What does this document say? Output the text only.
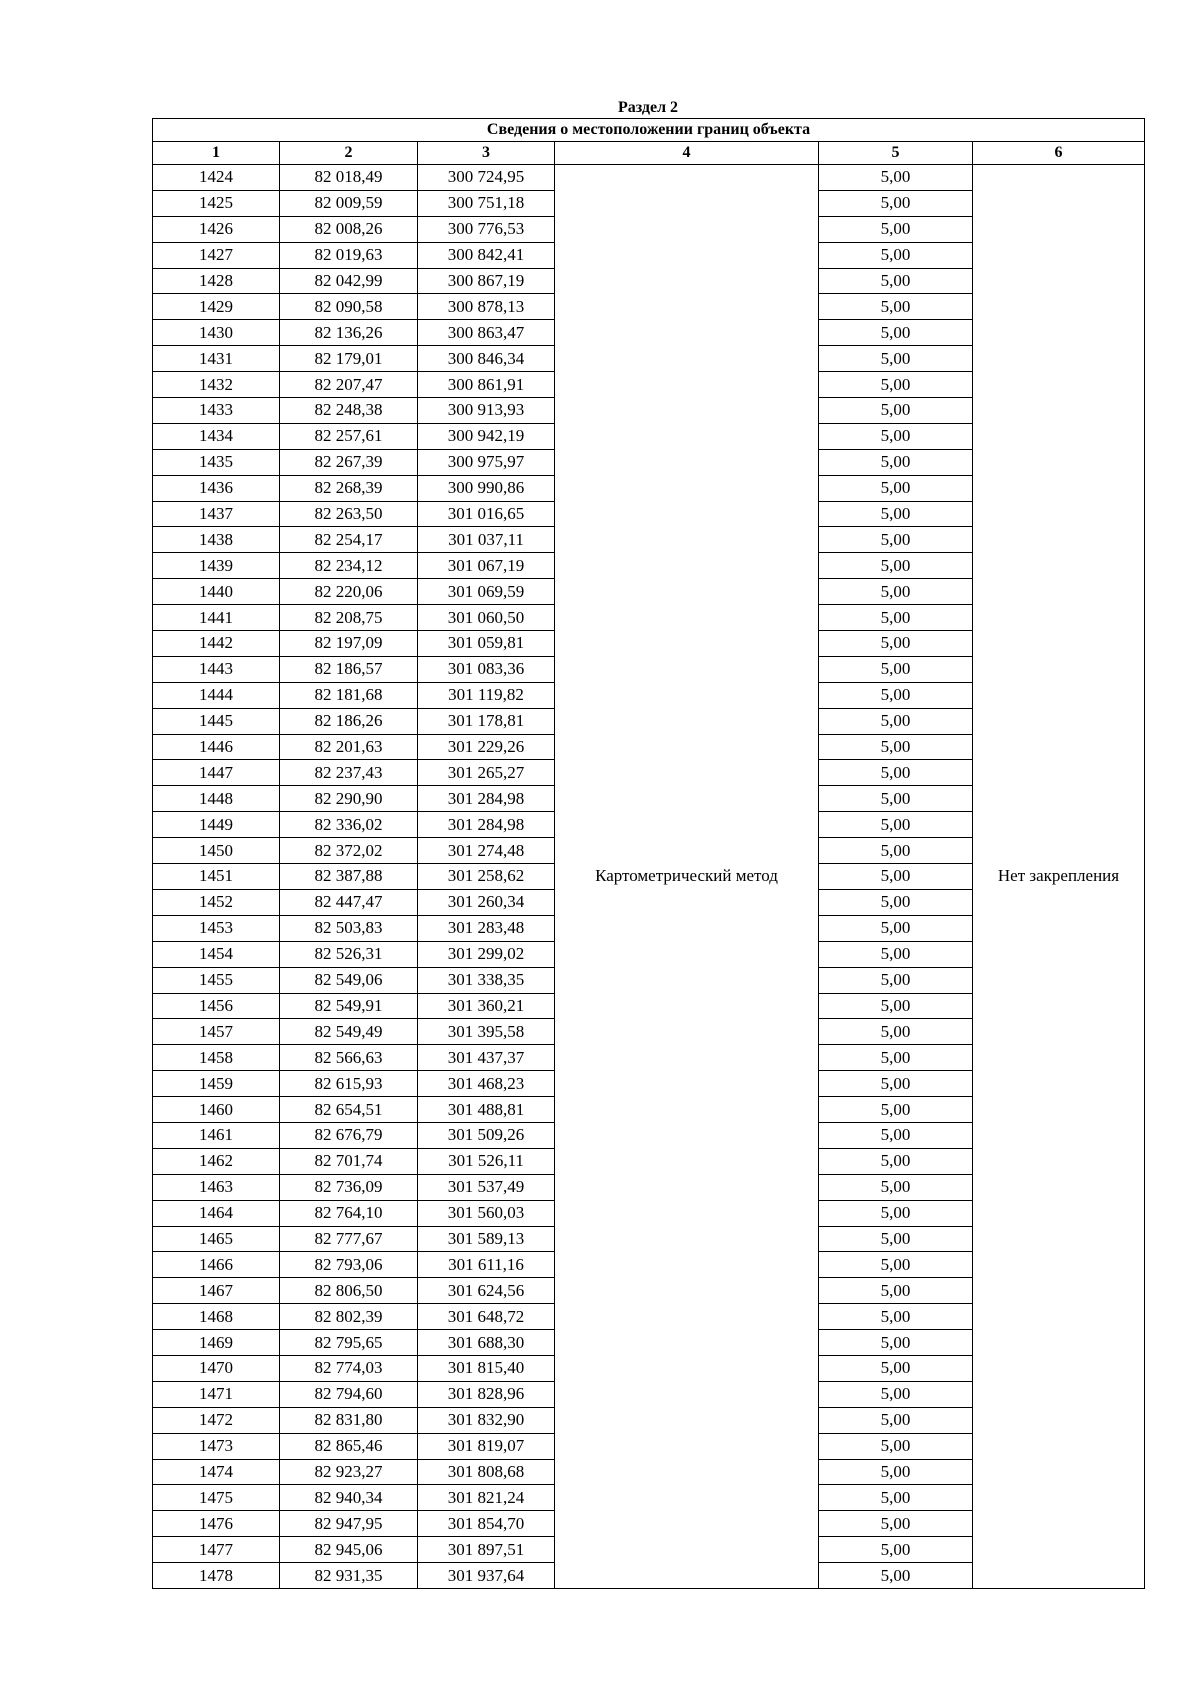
Раздел 2
Сведения о местоположении границ объекта					
1	2	3	4	5	6
1424	82 018,49	300 724,95	Картометрический метод	5,00	Нет закрепления
1425	82 009,59	300 751,18		5,00	
1426	82 008,26	300 776,53		5,00	
1427	82 019,63	300 842,41		5,00	
1428	82 042,99	300 867,19		5,00	
1429	82 090,58	300 878,13		5,00	
1430	82 136,26	300 863,47		5,00	
1431	82 179,01	300 846,34		5,00	
1432	82 207,47	300 861,91		5,00	
1433	82 248,38	300 913,93		5,00	
1434	82 257,61	300 942,19		5,00	
1435	82 267,39	300 975,97		5,00	
1436	82 268,39	300 990,86		5,00	
1437	82 263,50	301 016,65		5,00	
1438	82 254,17	301 037,11		5,00	
1439	82 234,12	301 067,19		5,00	
1440	82 220,06	301 069,59		5,00	
1441	82 208,75	301 060,50		5,00	
1442	82 197,09	301 059,81		5,00	
1443	82 186,57	301 083,36		5,00	
1444	82 181,68	301 119,82		5,00	
1445	82 186,26	301 178,81		5,00	
1446	82 201,63	301 229,26		5,00	
1447	82 237,43	301 265,27		5,00	
1448	82 290,90	301 284,98		5,00	
1449	82 336,02	301 284,98		5,00	
1450	82 372,02	301 274,48		5,00	
1451	82 387,88	301 258,62		5,00	
1452	82 447,47	301 260,34		5,00	
1453	82 503,83	301 283,48		5,00	
1454	82 526,31	301 299,02		5,00	
1455	82 549,06	301 338,35		5,00	
1456	82 549,91	301 360,21		5,00	
1457	82 549,49	301 395,58		5,00	
1458	82 566,63	301 437,37		5,00	
1459	82 615,93	301 468,23		5,00	
1460	82 654,51	301 488,81		5,00	
1461	82 676,79	301 509,26		5,00	
1462	82 701,74	301 526,11		5,00	
1463	82 736,09	301 537,49		5,00	
1464	82 764,10	301 560,03		5,00	
1465	82 777,67	301 589,13		5,00	
1466	82 793,06	301 611,16		5,00	
1467	82 806,50	301 624,56		5,00	
1468	82 802,39	301 648,72		5,00	
1469	82 795,65	301 688,30		5,00	
1470	82 774,03	301 815,40		5,00	
1471	82 794,60	301 828,96		5,00	
1472	82 831,80	301 832,90		5,00	
1473	82 865,46	301 819,07		5,00	
1474	82 923,27	301 808,68		5,00	
1475	82 940,34	301 821,24		5,00	
1476	82 947,95	301 854,70		5,00	
1477	82 945,06	301 897,51		5,00	
1478	82 931,35	301 937,64		5,00	
